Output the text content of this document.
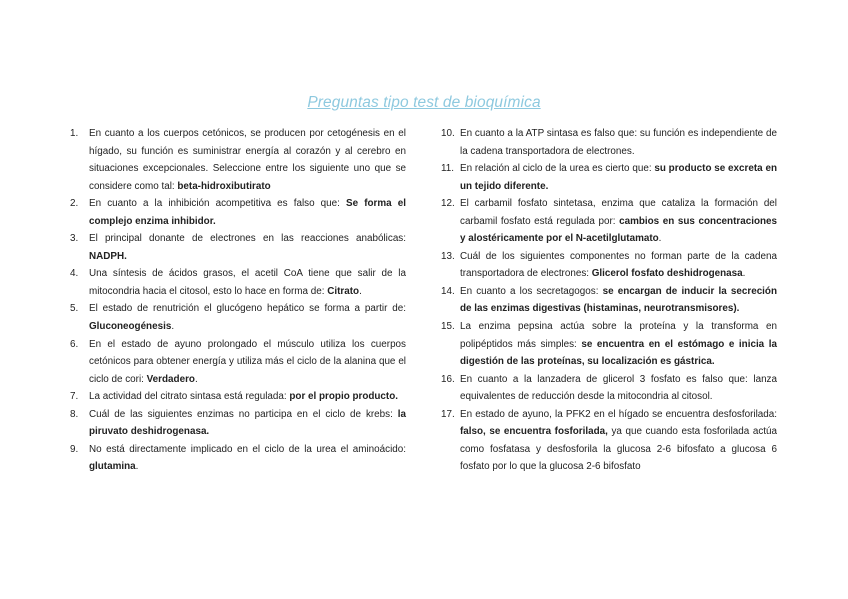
Preguntas tipo test de bioquímica
1. En cuanto a los cuerpos cetónicos, se producen por cetogénesis en el hígado, su función es suministrar energía al corazón y al cerebro en situaciones excepcionales. Seleccione entre los siguiente uno que se considere como tal: beta-hidroxibutirato
2. En cuanto a la inhibición acompetitiva es falso que: Se forma el complejo enzima inhibidor.
3. El principal donante de electrones en las reacciones anabólicas: NADPH.
4. Una síntesis de ácidos grasos, el acetil CoA tiene que salir de la mitocondria hacia el citosol, esto lo hace en forma de: Citrato.
5. El estado de renutrición el glucógeno hepático se forma a partir de: Gluconeogénesis.
6. En el estado de ayuno prolongado el músculo utiliza los cuerpos cetónicos para obtener energía y utiliza más el ciclo de la alanina que el ciclo de cori: Verdadero.
7. La actividad del citrato sintasa está regulada: por el propio producto.
8. Cuál de las siguientes enzimas no participa en el ciclo de krebs: la piruvato deshidrogenasa.
9. No está directamente implicado en el ciclo de la urea el aminoácido: glutamina.
10. En cuanto a la ATP sintasa es falso que: su función es independiente de la cadena transportadora de electrones.
11. En relación al ciclo de la urea es cierto que: su producto se excreta en un tejido diferente.
12. El carbamil fosfato sintetasa, enzima que cataliza la formación del carbamil fosfato está regulada por: cambios en sus concentraciones y alostéricamente por el N-acetilglutamato.
13. Cuál de los siguientes componentes no forman parte de la cadena transportadora de electrones: Glicerol fosfato deshidrogenasa.
14. En cuanto a los secretagogos: se encargan de inducir la secreción de las enzimas digestivas (histaminas, neurotransmisores).
15. La enzima pepsina actúa sobre la proteína y la transforma en polipéptidos más simples: se encuentra en el estómago e inicia la digestión de las proteínas, su localización es gástrica.
16. En cuanto a la lanzadera de glicerol 3 fosfato es falso que: lanza equivalentes de reducción desde la mitocondria al citosol.
17. En estado de ayuno, la PFK2 en el hígado se encuentra desfosforilada: falso, se encuentra fosforilada, ya que cuando esta fosforilada actúa como fosfatasa y desfosforila la glucosa 2-6 bifosfato a glucosa 6 fosfato por lo que la glucosa 2-6 bifosfato
